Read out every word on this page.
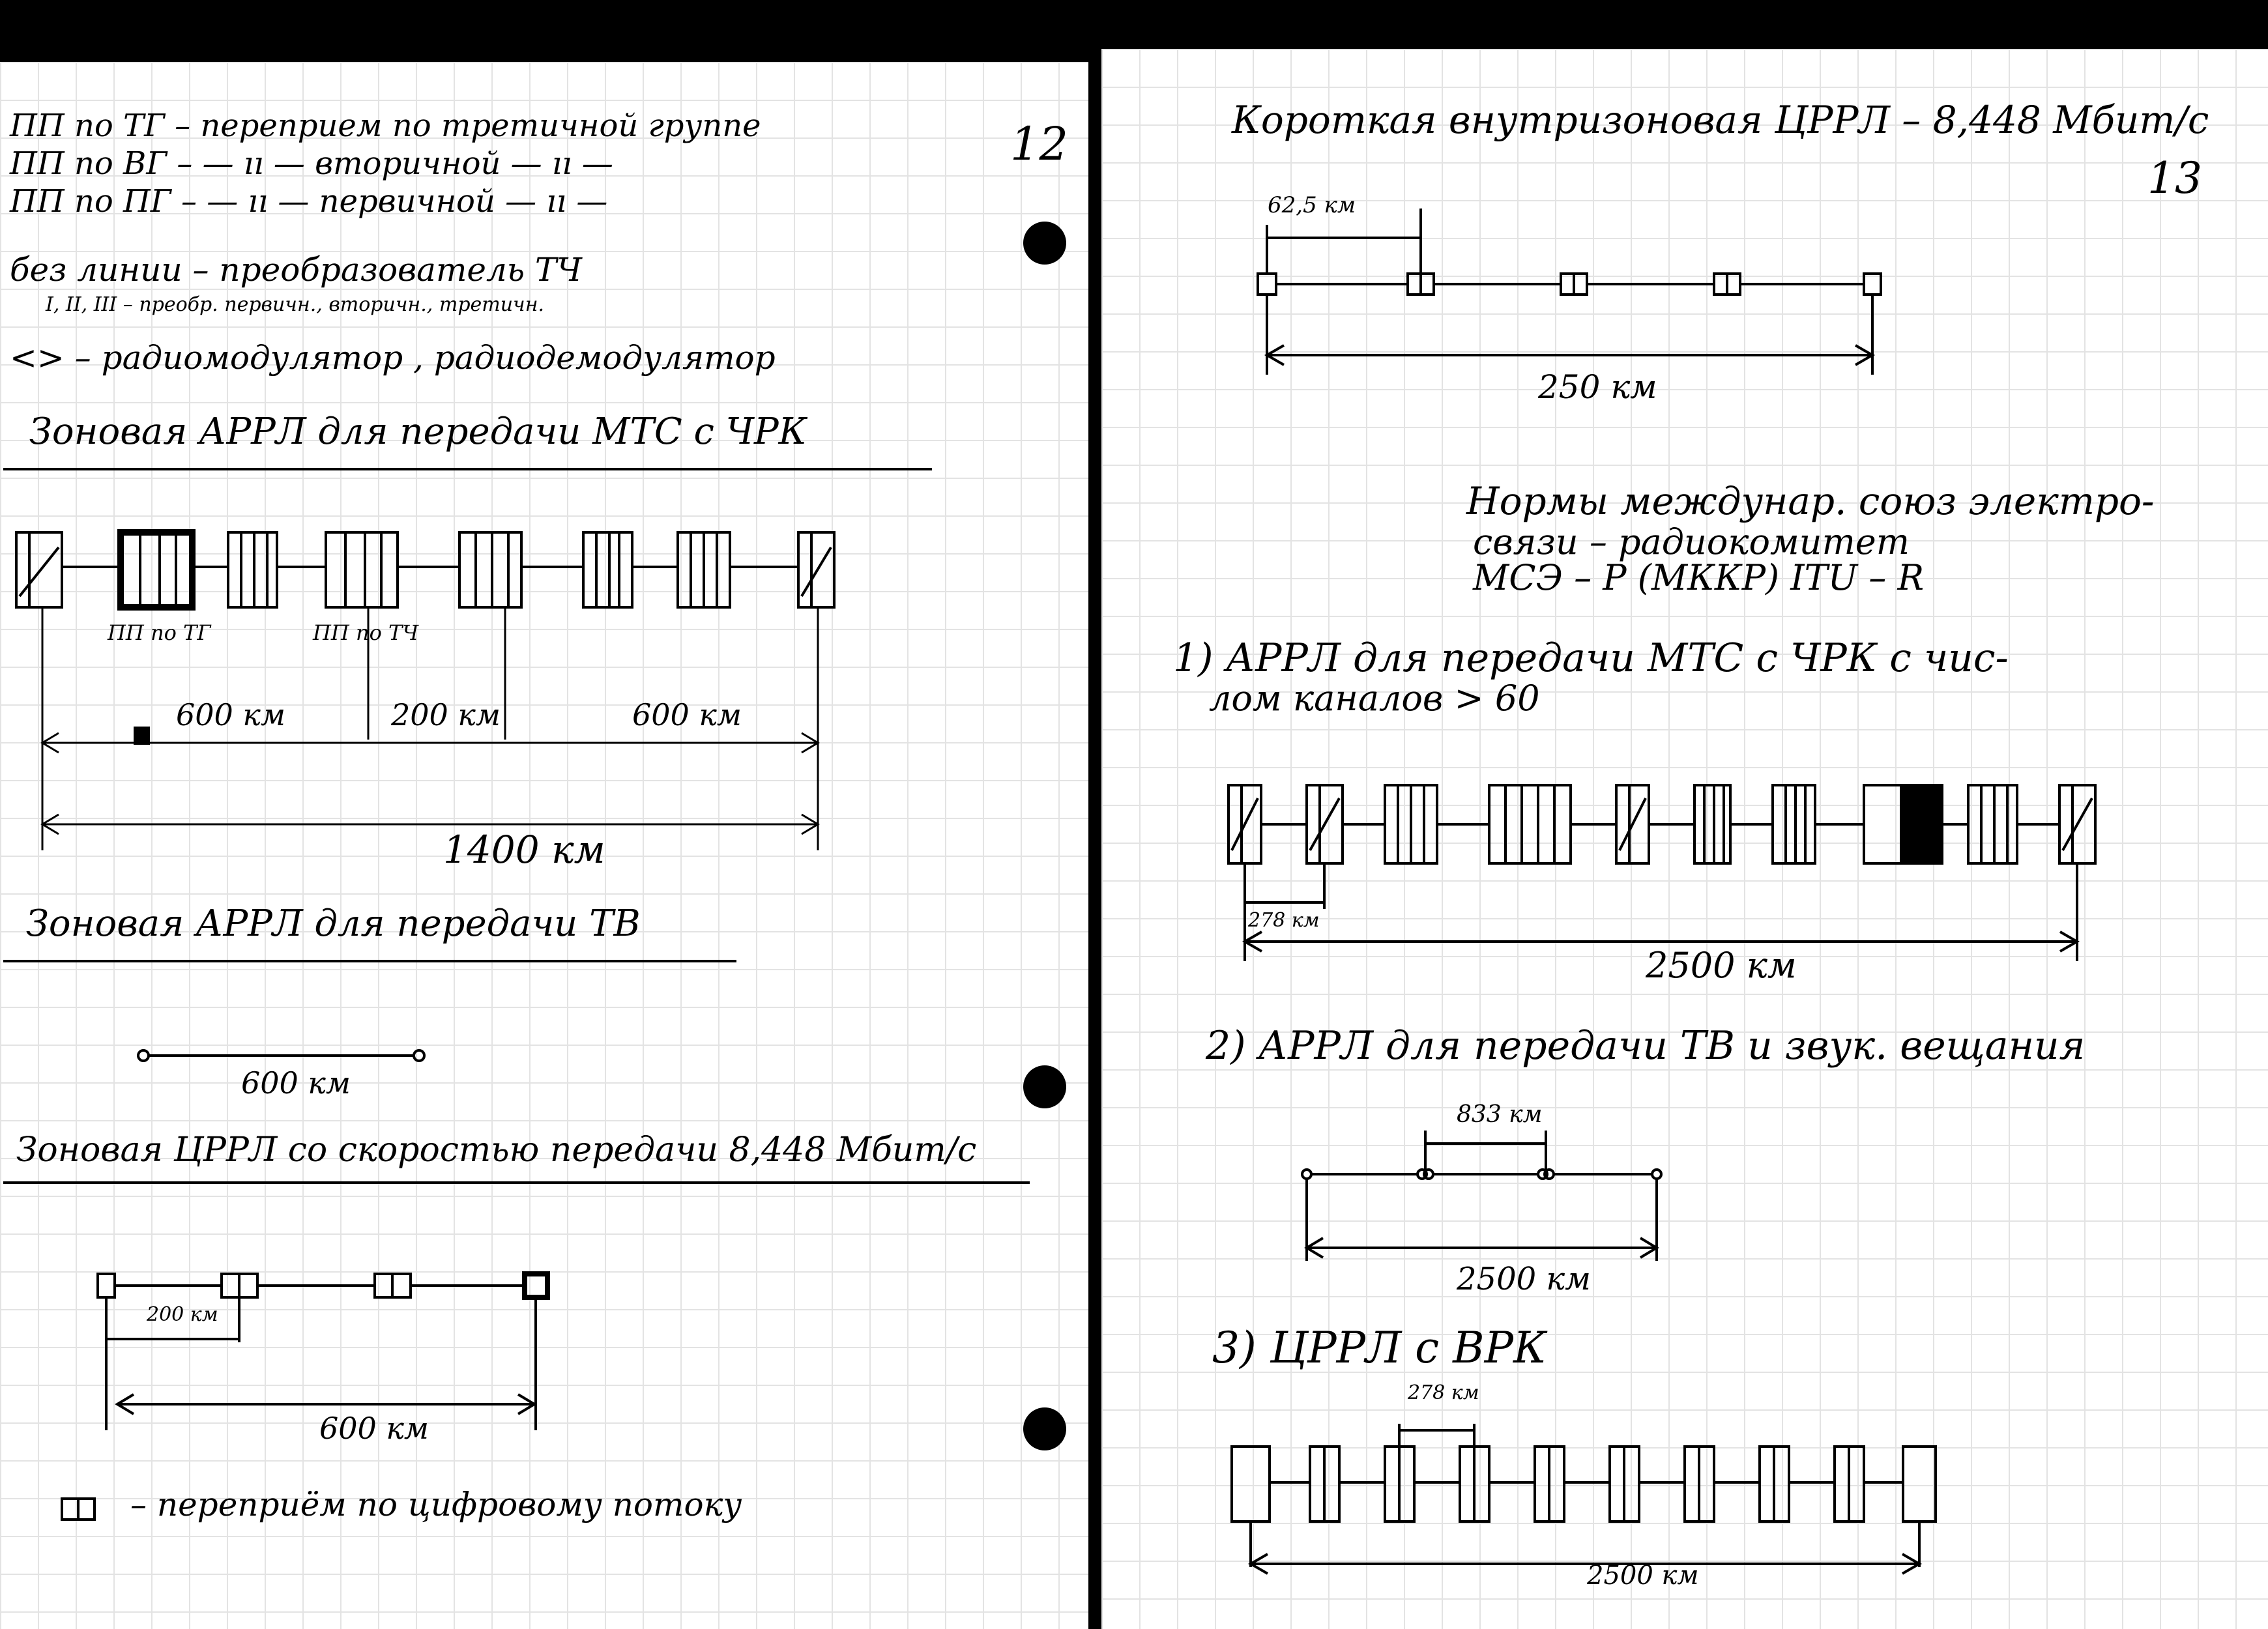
12
ПП по ТГ – переприем по третичной группе
ПП по ВГ – — ıı — вторичной — ıı —
ПП по ПГ – — ıı — первичной — ıı —
без линии – преобразователь ТЧ
I, II, III – преобр. первичн., вторичн., третичн.
<> – радиомодулятор , радиодемодулятор
Зоновая АРРЛ для передачи МТС с ЧРК
ПП по ТГ	ПП по ТЧ
600 км	200 км	600 км
1400 км
Зоновая АРРЛ для передачи ТВ
600 км
Зоновая ЦРРЛ со скоростью передачи 8,448 Мбит/с
200 км
600 км
– переприём по цифровому потоку
13
Короткая внутризоновая ЦРРЛ – 8,448 Мбит/с
62,5 км
250 км
Нормы междунар. союз электро-
связи – радиокомитет
МСЭ – Р (МККР) ITU – R
1) АРРЛ для передачи МТС с ЧРК с чис-
лом каналов > 60
278 км
2500 км
2) АРРЛ для передачи ТВ и звук. вещания
833 км
2500 км
3) ЦРРЛ с ВРК
278 км
2500 км
